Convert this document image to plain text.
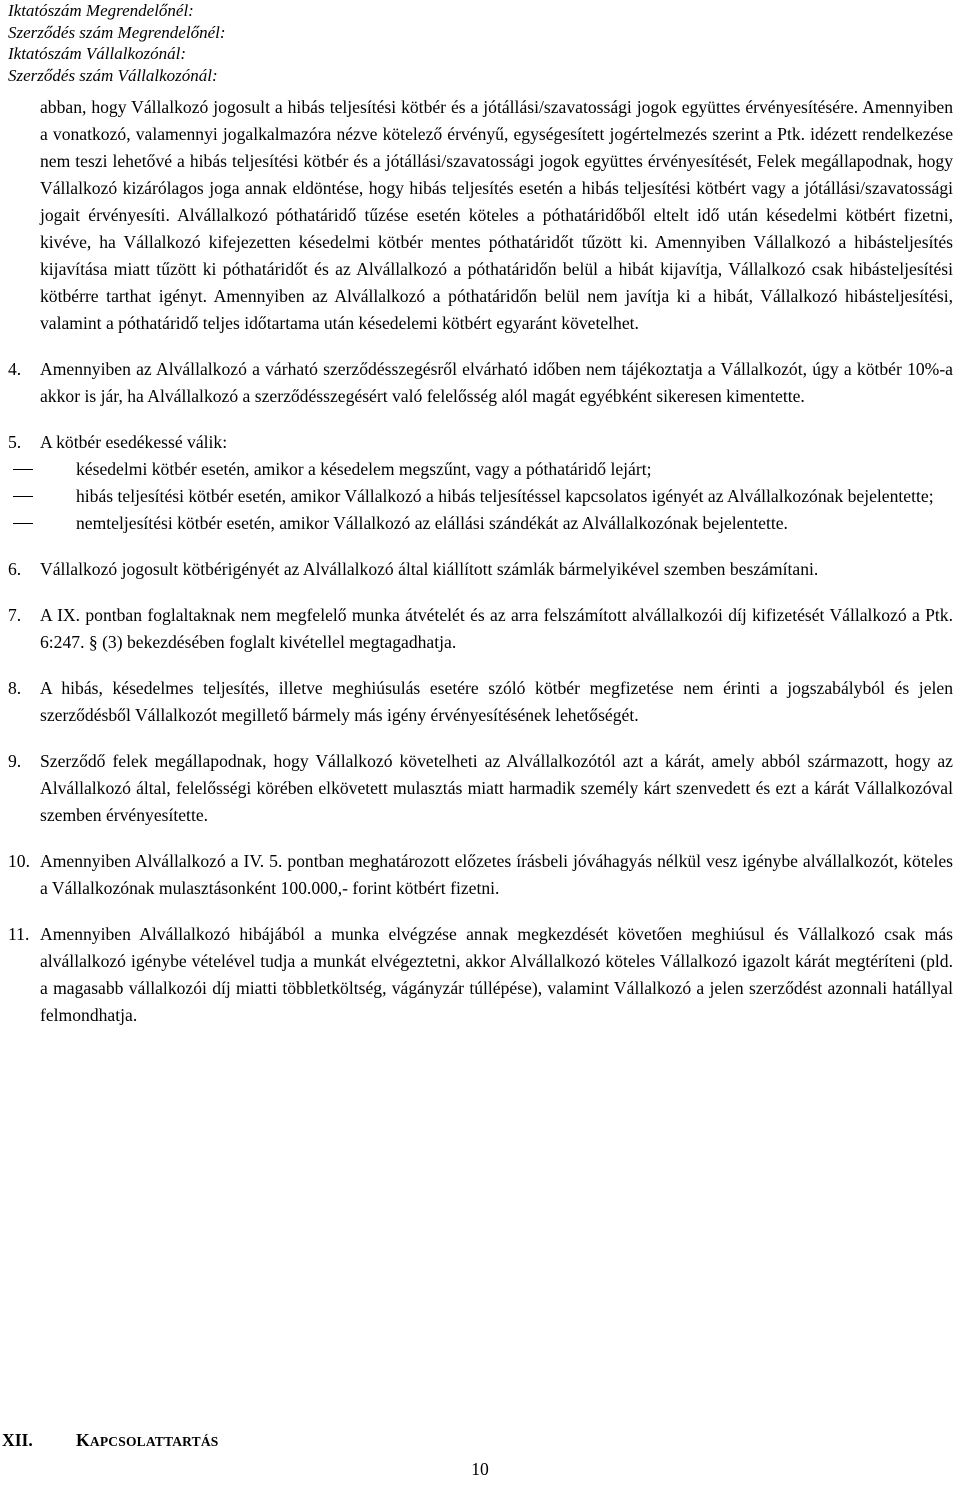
Iktatószám Megrendelőnél:
Szerződés szám Megrendelőnél:
Iktatószám Vállalkozónál:
Szerződés szám Vállalkozónál:

abban, hogy Vállalkozó jogosult a hibás teljesítési kötbér és a jótállási/szavatossági jogok együttes érvényesítésére. Amennyiben a vonatkozó, valamennyi jogalkalmazóra nézve kötelező érvényű, egységesített jogértelmezés szerint a Ptk. idézett rendelkezése nem teszi lehetővé a hibás teljesítési kötbér és a jótállási/szavatossági jogok együttes érvényesítését, Felek megállapodnak, hogy Vállalkozó kizárólagos joga annak eldöntése, hogy hibás teljesítés esetén a hibás teljesítési kötbért vagy a jótállási/szavatossági jogait érvényesíti. Alvállalkozó póthatáridő tűzése esetén köteles a póthatáridőből eltelt idő után késedelmi kötbért fizetni, kivéve, ha Vállalkozó kifejezetten késedelmi kötbér mentes póthatáridőt tűzött ki. Amennyiben Vállalkozó a hibásteljesítés kijavítása miatt tűzött ki póthatáridőt és az Alvállalkozó a póthatáridőn belül a hibát kijavítja, Vállalkozó csak hibásteljesítési kötbérre tarthat igényt. Amennyiben az Alvállalkozó a póthatáridőn belül nem javítja ki a hibát, Vállalkozó hibásteljesítési, valamint a póthatáridő teljes időtartama után késedelemi kötbért egyaránt követelhet.

4. Amennyiben az Alvállalkozó a várható szerződésszegésről elvárható időben nem tájékoztatja a Vállalkozót, úgy a kötbér 10%-a akkor is jár, ha Alvállalkozó a szerződésszegésért való felelősség alól magát egyébként sikeresen kimentette.
5. A kötbér esedékessé válik:
késedelmi kötbér esetén, amikor a késedelem megszűnt, vagy a póthatáridő lejárt;
hibás teljesítési kötbér esetén, amikor Vállalkozó a hibás teljesítéssel kapcsolatos igényét az Alvállalkozónak bejelentette;
nemteljesítési kötbér esetén, amikor Vállalkozó az elállási szándékát az Alvállalkozónak bejelentette.
6. Vállalkozó jogosult kötbérigényét az Alvállalkozó által kiállított számlák bármelyikével szemben beszámítani.
7. A IX. pontban foglaltaknak nem megfelelő munka átvételét és az arra felszámított alvállalkozói díj kifizetését Vállalkozó a Ptk. 6:247. § (3) bekezdésében foglalt kivétellel megtagadhatja.
8. A hibás, késedelmes teljesítés, illetve meghiúsulás esetére szóló kötbér megfizetése nem érinti a jogszabályból és jelen szerződésből Vállalkozót megillető bármely más igény érvényesítésének lehetőségét.
9. Szerződő felek megállapodnak, hogy Vállalkozó követelheti az Alvállalkozótól azt a kárát, amely abból származott, hogy az Alvállalkozó által, felelősségi körében elkövetett mulasztás miatt harmadik személy kárt szenvedett és ezt a kárát Vállalkozóval szemben érvényesítette.
10. Amennyiben Alvállalkozó a IV. 5. pontban meghatározott előzetes írásbeli jóváhagyás nélkül vesz igénybe alvállalkozót, köteles a Vállalkozónak mulasztásonként 100.000,- forint kötbért fizetni.
11. Amennyiben Alvállalkozó hibájából a munka elvégzése annak megkezdését követően meghiúsul és Vállalkozó csak más alvállalkozó igénybe vételével tudja a munkát elvégeztetni, akkor Alvállalkozó köteles Vállalkozó igazolt kárát megtéríteni (pld. a magasabb vállalkozói díj miatti többletköltség, vágányzár túllépése), valamint Vállalkozó a jelen szerződést azonnali hatállyal felmondhatja.
XII. KAPCSOLATTARTÁS
10
